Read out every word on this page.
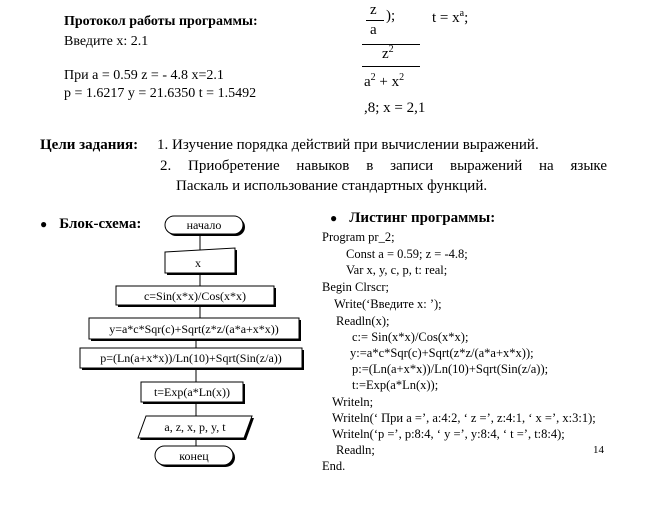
Протокол работы программы:
Введите x: 2.1
При a = 0.59 z = - 4.8 x=2.1
p = 1.6217 y = 21.6350 t = 1.5492
z );
a
$t = x^a$;
$z^2$
$a^2 + x^2$
,8; x = 2,1
Цели задания: 1. Изучение порядка действий при вычислении выражений.
2. Приобретение навыков в записи выражений на языке
Паскаль и использование стандартных функций.
● Блок-схема:	начало
x
c=Sin(x*x)/Cos(x*x)
y=a*c*Sqr(c)+Sqrt(z*z/(a*a+x*x))
p=(Ln(a+x*x))/Ln(10)+Sqrt(Sin(z/a))
t=Exp(a*Ln(x))
a, z, x, p, y, t
конец
● Листинг программы:
Program pr_2;
Const a = 0.59; z = -4.8;
Var x, y, c, p, t: real;
Begin Clrscr;
Write(‘Введите x: ’);
Readln(x);
c:= Sin(x*x)/Cos(x*x);
y:=a*c*Sqr(c)+Sqrt(z*z/(a*a+x*x));
p:=(Ln(a+x*x))/Ln(10)+Sqrt(Sin(z/a));
t:=Exp(a*Ln(x));
Writeln;
Writeln(‘ При a =’, a:4:2, ‘ z =’, z:4:1, ‘ x =’, x:3:1);
Writeln(‘p =’, p:8:4, ‘ y =’, y:8:4, ‘ t =’, t:8:4);
Readln;
End.
14
